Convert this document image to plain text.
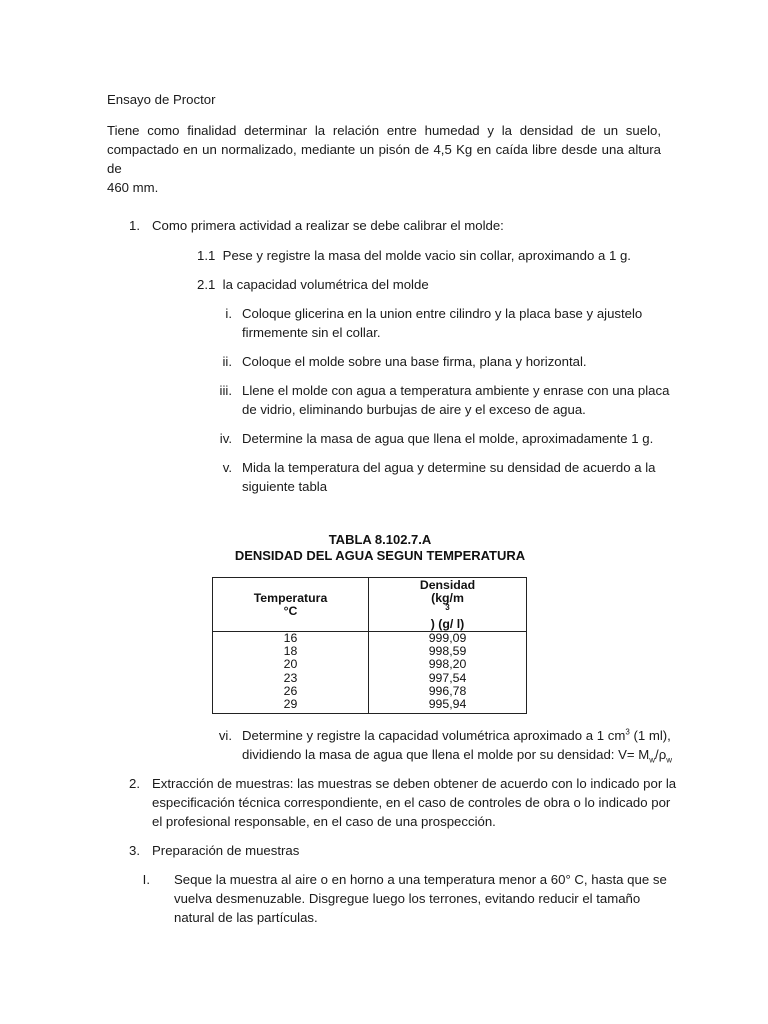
Ensayo de Proctor
Tiene como finalidad determinar la relación entre humedad y la densidad de un suelo,
compactado en un normalizado, mediante un pisón de 4,5 Kg en caída libre desde una altura de
460 mm.
1. Como primera actividad a realizar se debe calibrar el molde:
1.1 Pese y registre la masa del molde vacio sin collar, aproximando a 1 g.
2.1 la capacidad volumétrica del molde
i. Coloque glicerina en la union entre cilindro y la placa base y ajustelo
firmemente sin el collar.
ii. Coloque el molde sobre una base firma, plana y horizontal.
iii. Llene el molde con agua a temperatura ambiente y enrase con una placa
de vidrio, eliminando burbujas de aire y el exceso de agua.
iv. Determine la masa de agua que llena el molde, aproximadamente 1 g.
v. Mida la temperatura del agua y determine su densidad de acuerdo a la
siguiente tabla
TABLA 8.102.7.A
DENSIDAD DEL AGUA SEGUN TEMPERATURA
Temperatura
°C	Densidad
(kg/m
$^3$
) (g/ l)

16	999,09
18	998,59
20	998,20
23	997,54
26	996,78
29	995,94
vi. Determine y registre la capacidad volumétrica aproximado a 1 $cm^3$ (1 ml),
dividiendo la masa de agua que llena el molde por su densidad: $V= M_w/\rho_w$
2. Extracción de muestras: las muestras se deben obtener de acuerdo con lo indicado por la
especificación técnica correspondiente, en el caso de controles de obra o lo indicado por
el profesional responsable, en el caso de una prospección.
3. Preparación de muestras
I. Seque la muestra al aire o en horno a una temperatura menor a 60° C, hasta que se
vuelva desmenuzable. Disgregue luego los terrones, evitando reducir el tamaño
natural de las partículas.
